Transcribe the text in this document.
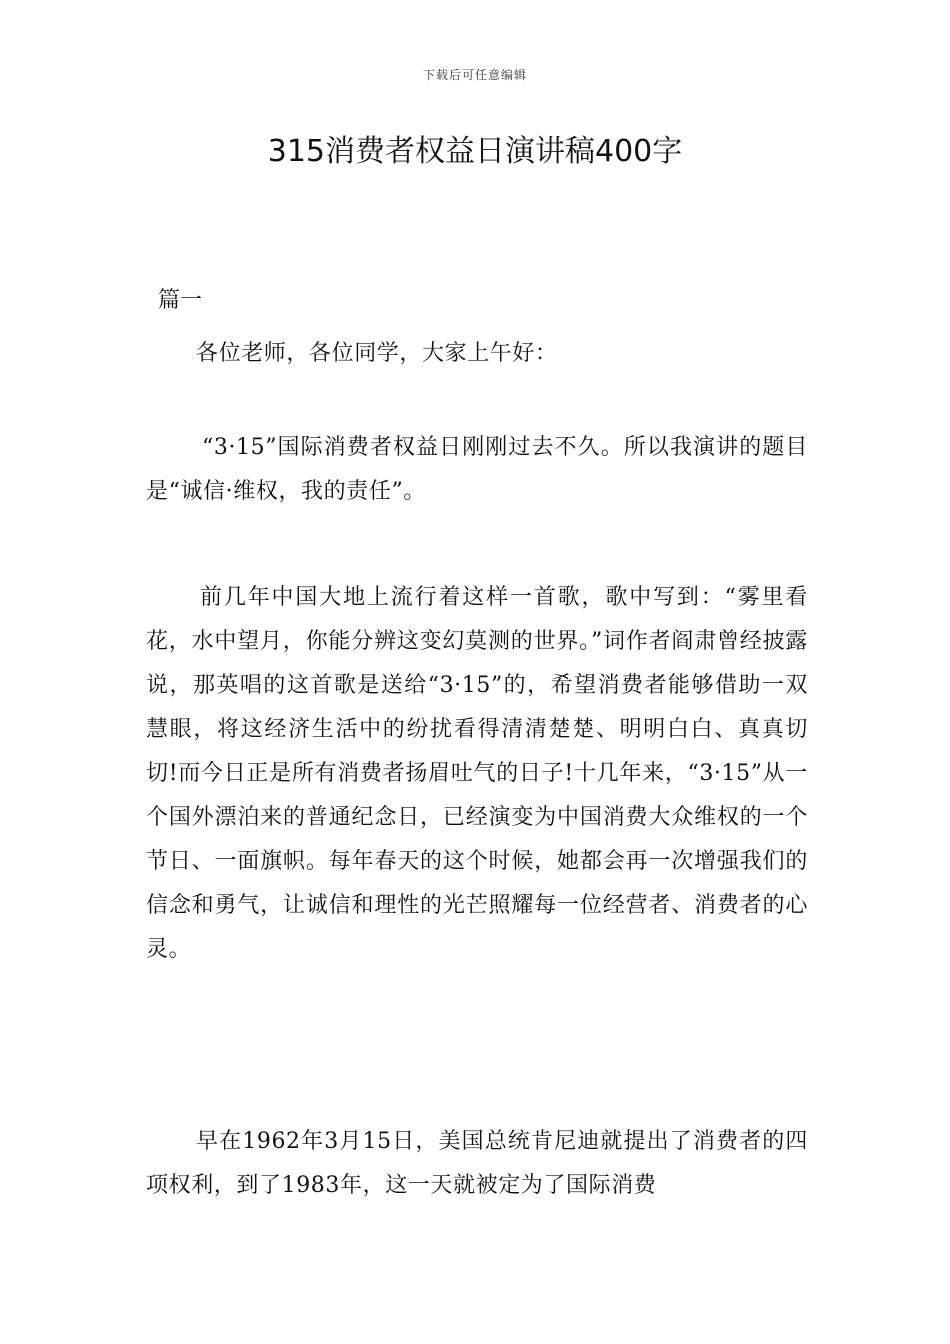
下载后可任意编辑
315消费者权益日演讲稿400字
篇一

各位老师，各位同学，大家上午好：

“3·15”国际消费者权益日刚刚过去不久。所以我演讲的题目是“诚信·维权，我的责任”。

前几年中国大地上流行着这样一首歌，歌中写到：“雾里看花，水中望月，你能分辨这变幻莫测的世界。”词作者阎肃曾经披露说，那英唱的这首歌是送给“3·15”的，希望消费者能够借助一双慧眼，将这经济生活中的纷扰看得清清楚楚、明明白白、真真切切!而今日正是所有消费者扬眉吐气的日子!十几年来，“3·15”从一个国外漂泊来的普通纪念日，已经演变为中国消费大众维权的一个节日、一面旗帜。每年春天的这个时候，她都会再一次增强我们的信念和勇气，让诚信和理性的光芒照耀每一位经营者、消费者的心灵。

早在1962年3月15日，美国总统肯尼迪就提出了消费者的四项权利，到了1983年，这一天就被定为了国际消费
